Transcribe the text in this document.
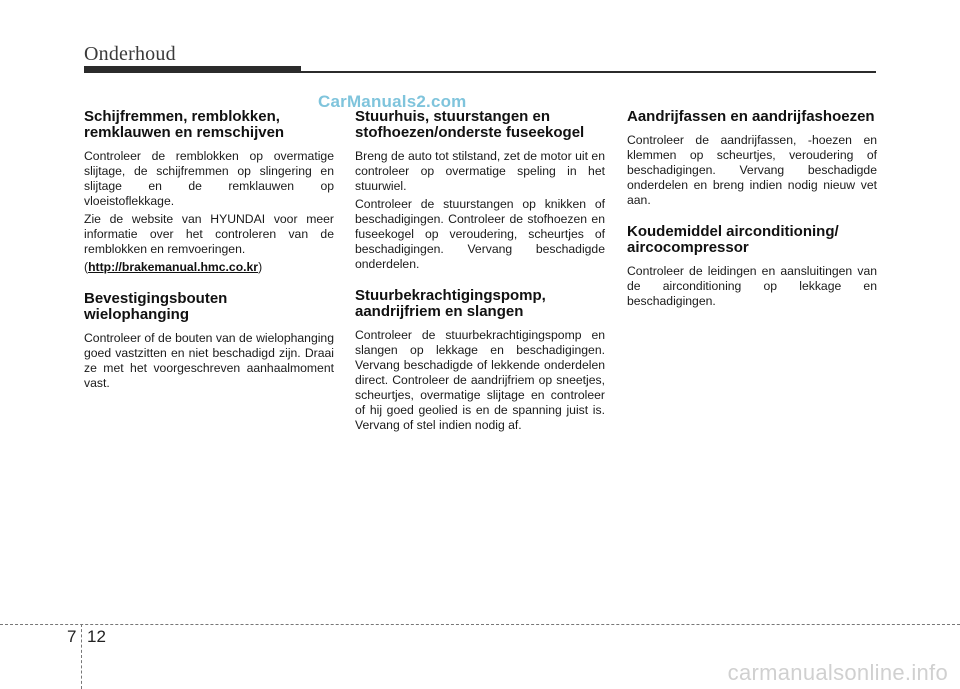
Onderhoud
CarManuals2.com
Schijfremmen, remblokken, remklauwen en remschijven

Controleer de remblokken op overmatige slijtage, de schijfremmen op slingering en slijtage en de remklauwen op vloeistoflekkage.

Zie de website van HYUNDAI voor meer informatie over het controleren van de remblokken en remvoeringen.

(http://brakemanual.hmc.co.kr)

Bevestigingsbouten wielophanging

Controleer of de bouten van de wielophanging goed vastzitten en niet beschadigd zijn. Draai ze met het voorgeschreven aanhaalmoment vast.

Stuurhuis, stuurstangen en stofhoezen/onderste fuseekogel

Breng de auto tot stilstand, zet de motor uit en controleer op overmatige speling in het stuurwiel.

Controleer de stuurstangen op knikken of beschadigingen. Controleer de stofhoezen en fuseekogel op veroudering, scheurtjes of beschadigingen. Vervang beschadigde onderdelen.

Stuurbekrachtigingspomp, aandrijfriem en slangen

Controleer de stuurbekrachtigingspomp en slangen op lekkage en beschadigingen. Vervang beschadigde of lekkende onderdelen direct. Controleer de aandrijfriem op sneetjes, scheurtjes, overmatige slijtage en controleer of hij goed geolied is en de spanning juist is. Vervang of stel indien nodig af.

Aandrijfassen en aandrijfashoezen

Controleer de aandrijfassen, -hoezen en klemmen op scheurtjes, veroudering of beschadigingen. Vervang beschadigde onderdelen en breng indien nodig nieuw vet aan.

Koudemiddel airconditioning/ aircocompressor

Controleer de leidingen en aansluitingen van de airconditioning op lekkage en beschadigingen.

7 12
carmanualsonline.info
